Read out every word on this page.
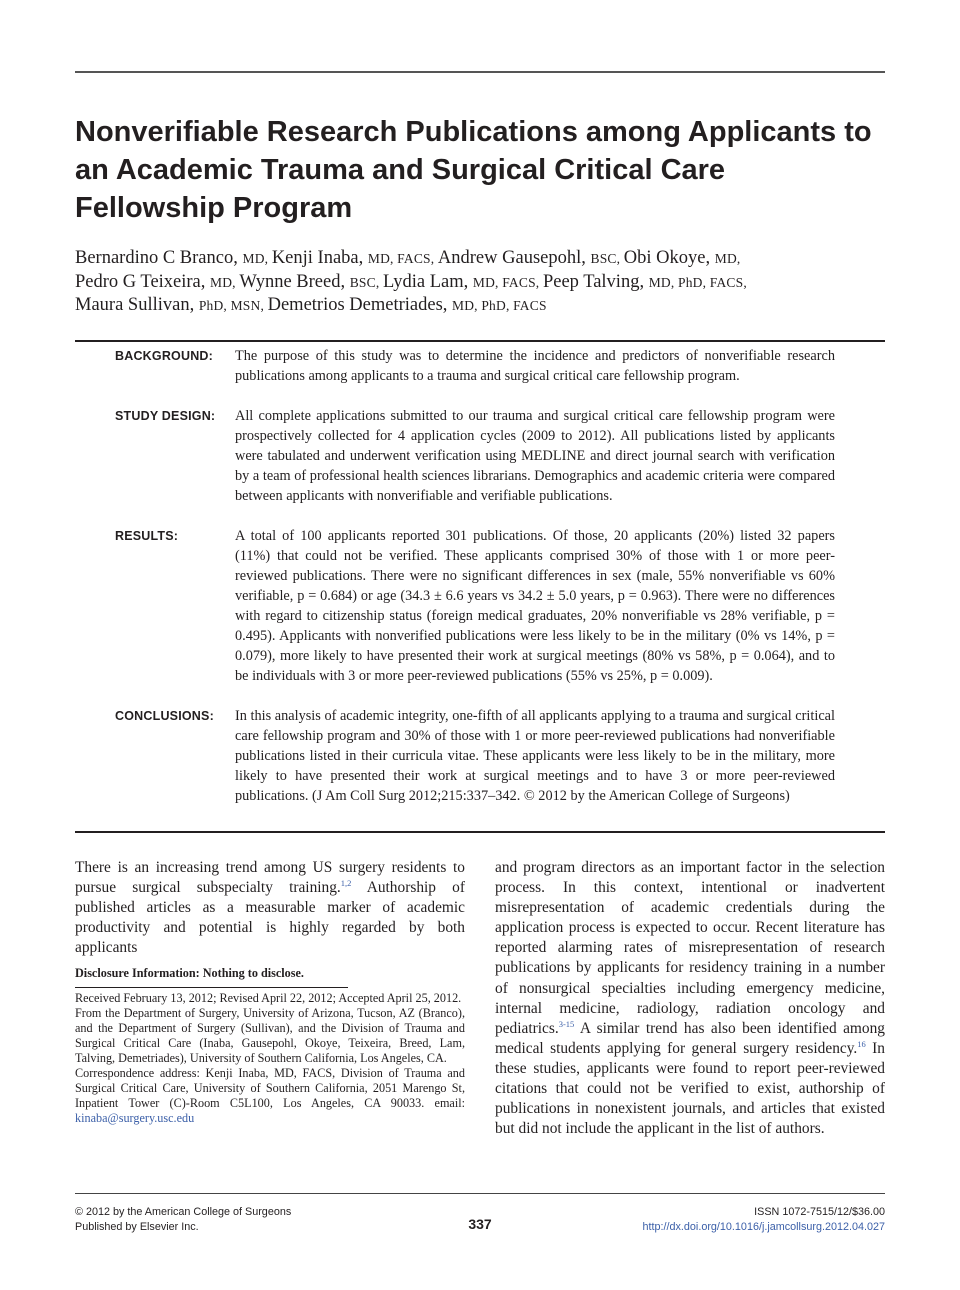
Nonverifiable Research Publications among Applicants to an Academic Trauma and Surgical Critical Care Fellowship Program
Bernardino C Branco, MD, Kenji Inaba, MD, FACS, Andrew Gausepohl, BSC, Obi Okoye, MD,
Pedro G Teixeira, MD, Wynne Breed, BSC, Lydia Lam, MD, FACS, Peep Talving, MD, PhD, FACS,
Maura Sullivan, PhD, MSN, Demetrios Demetriades, MD, PhD, FACS
BACKGROUND: The purpose of this study was to determine the incidence and predictors of nonverifiable research publications among applicants to a trauma and surgical critical care fellowship program.
STUDY DESIGN: All complete applications submitted to our trauma and surgical critical care fellowship program were prospectively collected for 4 application cycles (2009 to 2012). All publications listed by applicants were tabulated and underwent verification using MEDLINE and direct journal search with verification by a team of professional health sciences librarians. Demographics and academic criteria were compared between applicants with nonverifiable and verifiable publications.
RESULTS:	A total of 100 applicants reported 301 publications. Of those, 20 applicants (20%) listed 32 papers (11%) that could not be verified. These applicants comprised 30% of those with 1 or more peer-reviewed publications. There were no significant differences in sex (male, 55% nonverifiable vs 60% verifiable, p = 0.684) or age (34.3 ± 6.6 years vs 34.2 ± 5.0 years, p = 0.963). There were no differences with regard to citizenship status (foreign medical graduates, 20% nonverifiable vs 28% verifiable, p = 0.495). Applicants with nonverified publications were less likely to be in the military (0% vs 14%, p = 0.079), more likely to have presented their work at surgical meetings (80% vs 58%, p = 0.064), and to be individuals with 3 or more peer-reviewed publications (55% vs 25%, p = 0.009).
CONCLUSIONS: In this analysis of academic integrity, one-fifth of all applicants applying to a trauma and surgical critical care fellowship program and 30% of those with 1 or more peer-reviewed publications had nonverifiable publications listed in their curricula vitae. These applicants were less likely to be in the military, more likely to have presented their work at surgical meetings and to have 3 or more peer-reviewed publications. (J Am Coll Surg 2012;215:337–342. © 2012 by the American College of Surgeons)
There is an increasing trend among US surgery residents to pursue surgical subspecialty training.$^{1,2}$ Authorship of published articles as a measurable marker of academic productivity and potential is highly regarded by both applicants
Disclosure Information: Nothing to disclose.

Received February 13, 2012; Revised April 22, 2012; Accepted April 25, 2012.

From the Department of Surgery, University of Arizona, Tucson, AZ (Branco), and the Department of Surgery (Sullivan), and the Division of Trauma and Surgical Critical Care (Inaba, Gausepohl, Okoye, Teixeira, Breed, Lam, Talving, Demetriades), University of Southern California, Los Angeles, CA.

Correspondence address: Kenji Inaba, MD, FACS, Division of Trauma and Surgical Critical Care, University of Southern California, 2051 Marengo St, Inpatient Tower (C)-Room C5L100, Los Angeles, CA 90033. email: kinaba@surgery.usc.edu

and program directors as an important factor in the selection process. In this context, intentional or inadvertent misrepresentation of academic credentials during the application process is expected to occur. Recent literature has reported alarming rates of misrepresentation of research publications by applicants for residency training in a number of nonsurgical specialties including emergency medicine, internal medicine, radiology, radiation oncology and pediatrics.$^{3-15}$ A similar trend has also been identified among medical students applying for general surgery residency.$^{16}$ In these studies, applicants were found to report peer-reviewed citations that could not be verified to exist, authorship of publications in nonexistent journals, and articles that existed but did not include the applicant in the list of authors.
© 2012 by the American College of Surgeons
Published by Elsevier Inc.	337
ISSN 1072-7515/12/$36.00
http://dx.doi.org/10.1016/j.jamcollsurg.2012.04.027
